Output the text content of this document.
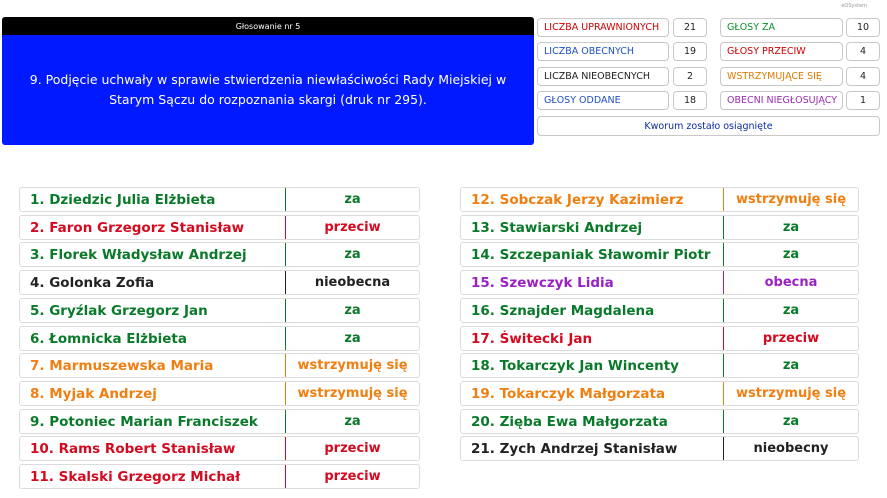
eOSystem
Głosowanie nr 5
9. Podjęcie uchwały w sprawie stwierdzenia niewłaściwości Rady Miejskiej w Starym Sączu do rozpoznania skargi (druk nr 295).
LICZBA UPRAWNIONYCH	21
LICZBA OBECNYCH	19
LICZBA NIEOBECNYCH	2
GŁOSY ODDANE	18
GŁOSY ZA	10
GŁOSY PRZECIW	4
WSTRZYMUJĄCE SIĘ	4
OBECNI NIEGŁOSUJĄCY	1
Kworum zostało osiągnięte
1. Dziedzic Julia Elżbieta	za
2. Faron Grzegorz Stanisław	przeciw
3. Florek Władysław Andrzej	za
4. Golonka Zofia	nieobecna
5. Gryźlak Grzegorz Jan	za
6. Łomnicka Elżbieta	za
7. Marmuszewska Maria	wstrzymuję się
8. Myjak Andrzej	wstrzymuję się
9. Potoniec Marian Franciszek	za
10. Rams Robert Stanisław	przeciw
11. Skalski Grzegorz Michał	przeciw
12. Sobczak Jerzy Kazimierz	wstrzymuję się
13. Stawiarski Andrzej	za
14. Szczepaniak Sławomir Piotr	za
15. Szewczyk Lidia	obecna
16. Sznajder Magdalena	za
17. Świtecki Jan	przeciw
18. Tokarczyk Jan Wincenty	za
19. Tokarczyk Małgorzata	wstrzymuję się
20. Zięba Ewa Małgorzata	za
21. Zych Andrzej Stanisław	nieobecny
